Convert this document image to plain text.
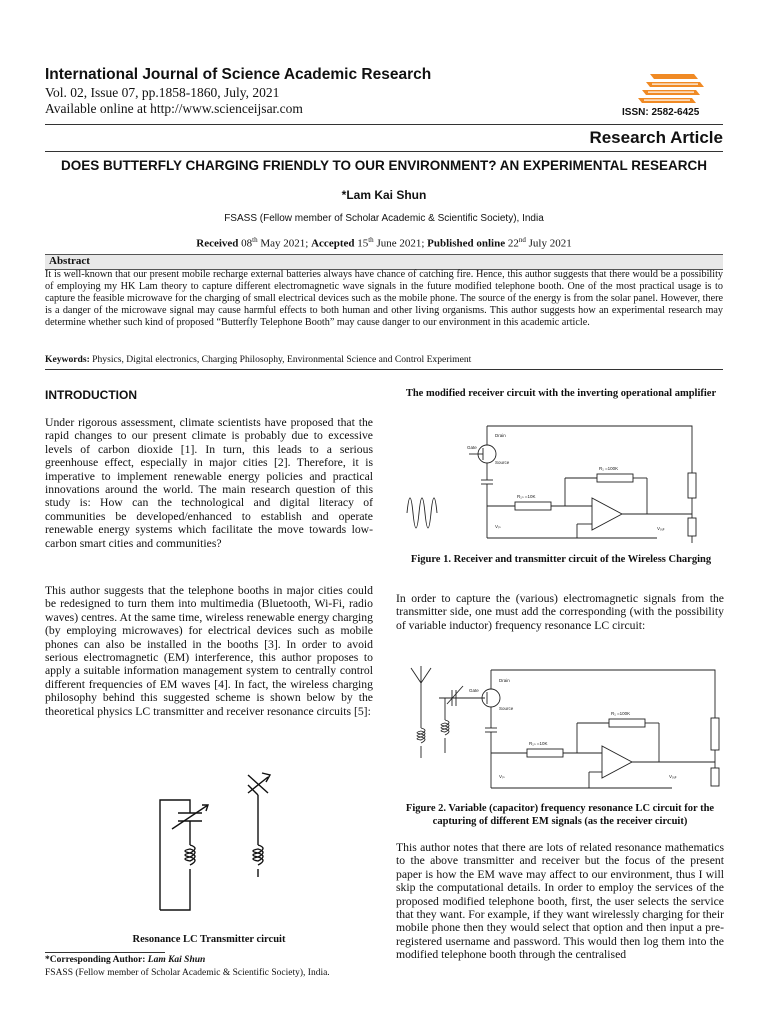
International Journal of Science Academic Research
Vol. 02, Issue 07, pp.1858-1860, July, 2021
Available online at http://www.scienceijsar.com	ISSN: 2582-6425
Research Article
DOES BUTTERFLY CHARGING FRIENDLY TO OUR ENVIRONMENT? AN EXPERIMENTAL RESEARCH
*Lam Kai Shun
FSASS (Fellow member of Scholar Academic & Scientific Society), India
Received 08th May 2021; Accepted 15th June 2021; Published online 22nd July 2021
Abstract
It is well-known that our present mobile recharge external batteries always have chance of catching fire. Hence, this author suggests that there would be a possibility of employing my HK Lam theory to capture different electromagnetic wave signals in the future modified telephone booth. One of the most practical usage is to capture the feasible microwave for the charging of small electrical devices such as the mobile phone. The source of the energy is from the solar panel. However, there is a danger of the microwave signal may cause harmful effects to both human and other living organisms. This author suggests how an experimental research may determine whether such kind of proposed “Butterfly Telephone Booth” may cause danger to our environment in this academic article.
Keywords: Physics, Digital electronics, Charging Philosophy, Environmental Science and Control Experiment
INTRODUCTION
Under rigorous assessment, climate scientists have proposed that the rapid changes to our present climate is probably due to excessive levels of carbon dioxide [1]. In turn, this leads to a serious greenhouse effect, especially in major cities [2]. Therefore, it is imperative to implement renewable energy policies and practical innovations around the world. The main research question of this study is: How can the technological and digital literacy of communities be developed/enhanced to establish and operate renewable energy systems which facilitate the move towards low-carbon smart cities and communities?
This author suggests that the telephone booths in major cities could be redesigned to turn them into multimedia (Bluetooth, Wi-Fi, radio waves) centres. At the same time, wireless renewable energy charging (by employing microwaves) for electrical devices such as mobile phones can also be installed in the booths [3]. In order to avoid serious electromagnetic (EM) interference, this author proposes to apply a suitable information management system to centrally control different frequencies of EM waves [4]. In fact, the wireless charging philosophy behind this suggested scheme is shown below by the theoretical physics LC transmitter and receiver resonance circuits [5]:
Resonance LC Transmitter circuit
*Corresponding Author: Lam Kai Shun
FSASS (Fellow member of Scholar Academic & Scientific Society), India.
The modified receiver circuit with the inverting operational amplifier
Drain
Gate
Source
R₁ =100K
R₁ₙ =10K
Vᵢₙ	Vₒᵤₜ
Figure 1. Receiver and transmitter circuit of the Wireless Charging
In order to capture the (various) electromagnetic signals from the transmitter side, one must add the corresponding (with the possibility of variable inductor) frequency resonance LC circuit:
Drain
Gate
Source
R₁ =100K
R₁ₙ =10K
Vᵢₙ	Vₒᵤₜ
Figure 2. Variable (capacitor) frequency resonance LC circuit for the capturing of different EM signals (as the receiver circuit)
This author notes that there are lots of related resonance mathematics to the above transmitter and receiver but the focus of the present paper is how the EM wave may affect to our environment, thus I will skip the computational details. In order to employ the services of the proposed modified telephone booth, first, the user selects the service that they want. For example, if they want wirelessly charging for their mobile phone then they would select that option and then input a pre-registered username and password. This would then log them into the modified telephone booth through the centralised
